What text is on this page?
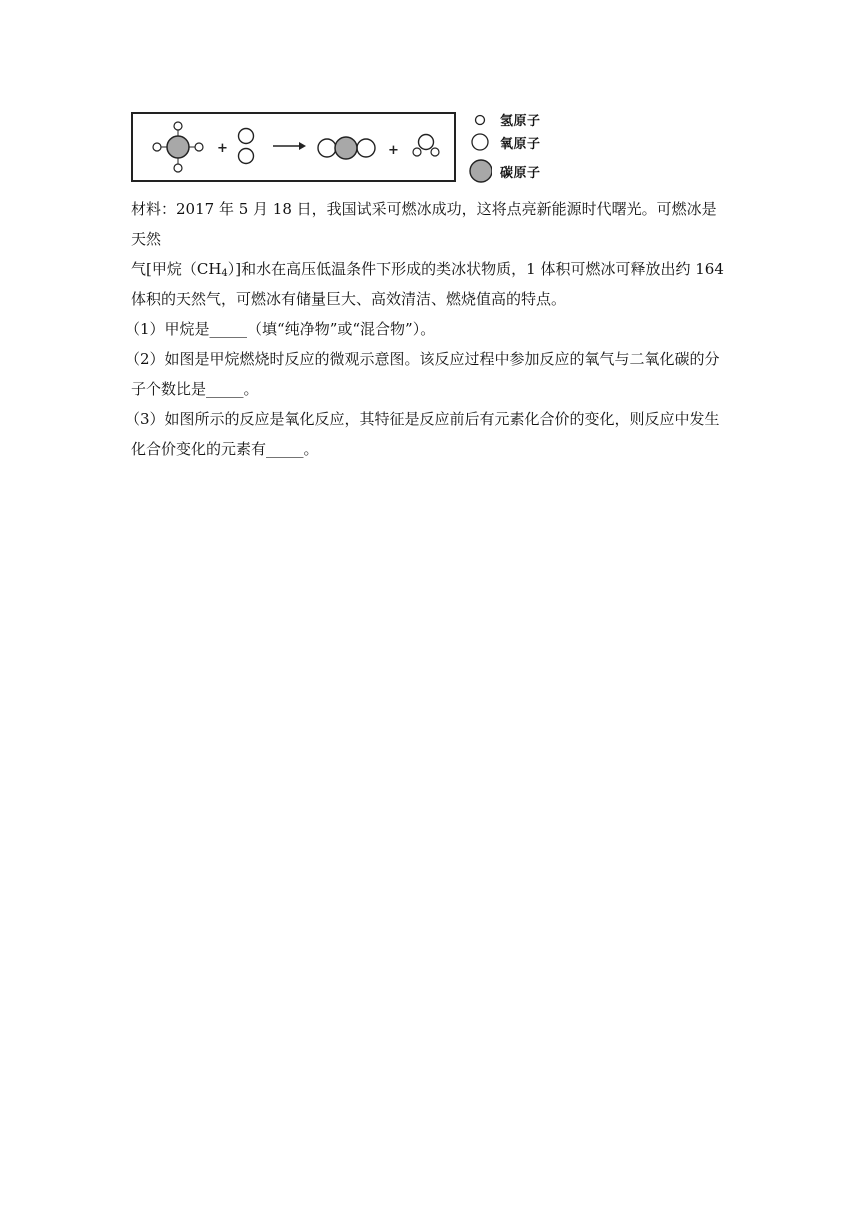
+	+
氢原子
氧原子
碳原子

材料：2017 年 5 月 18 日，我国试采可燃冰成功，这将点亮新能源时代曙光。可燃冰是天然

气[甲烷$(CH_4)$]和水在高压低温条件下形成的类冰状物质，1 体积可燃冰可释放出约 164

体积的天然气，可燃冰有储量巨大、高效清洁、燃烧值高的特点。

（1）甲烷是_____（填“纯净物”或“混合物”）。

（2）如图是甲烷燃烧时反应的微观示意图。该反应过程中参加反应的氧气与二氧化碳的分

子个数比是_____。

（3）如图所示的反应是氧化反应，其特征是反应前后有元素化合价的变化，则反应中发生

化合价变化的元素有_____。
